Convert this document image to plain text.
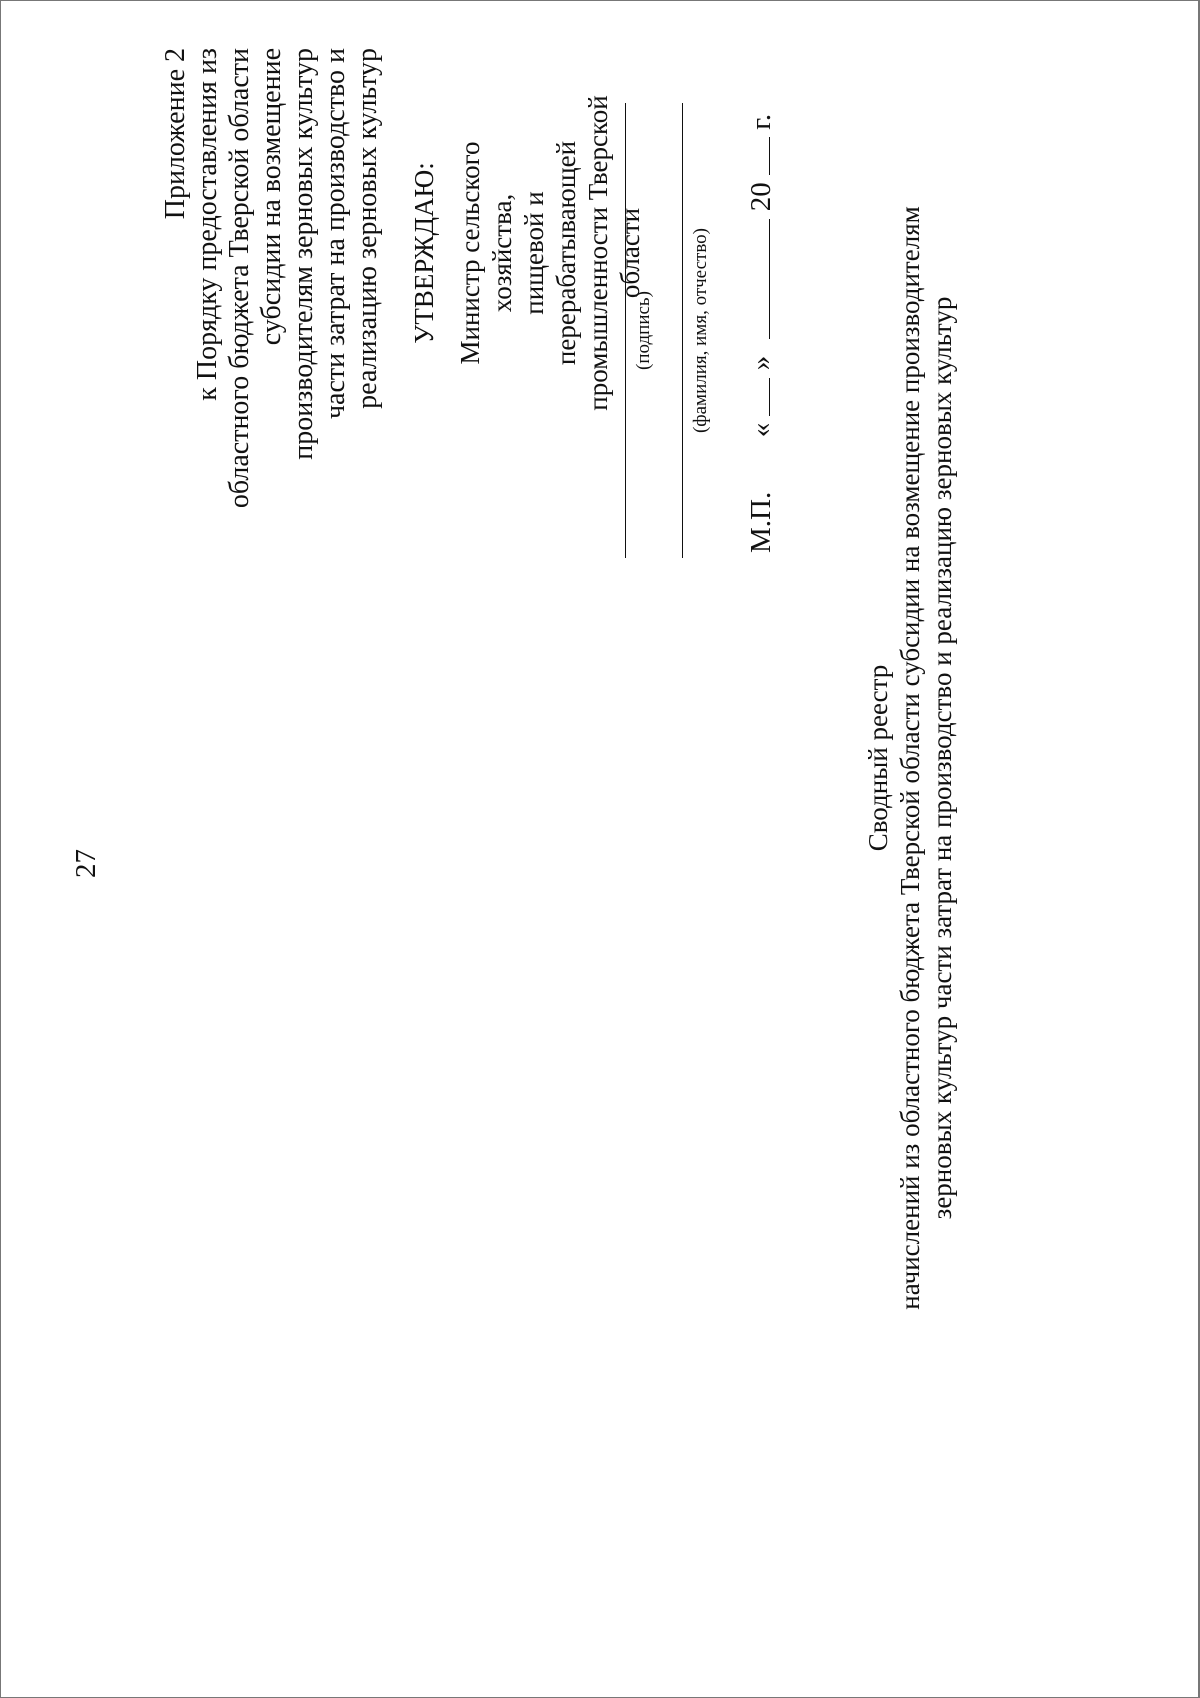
27
Приложение 2 к Порядку предоставления из областного бюджета Тверской области субсидии на возмещение производителям зерновых культур части затрат на производство и реализацию зерновых культур УТВЕРЖДАЮ: Министр сельского хозяйства, пищевой и перерабатывающей промышленности Тверской области
(подпись) (фамилия, имя, отчество)
М.П.  «  »  20  г.
Сводный реестр начислений из областного бюджета Тверской области субсидии на возмещение производителям зерновых культур части затрат на производство и реализацию зерновых культур
